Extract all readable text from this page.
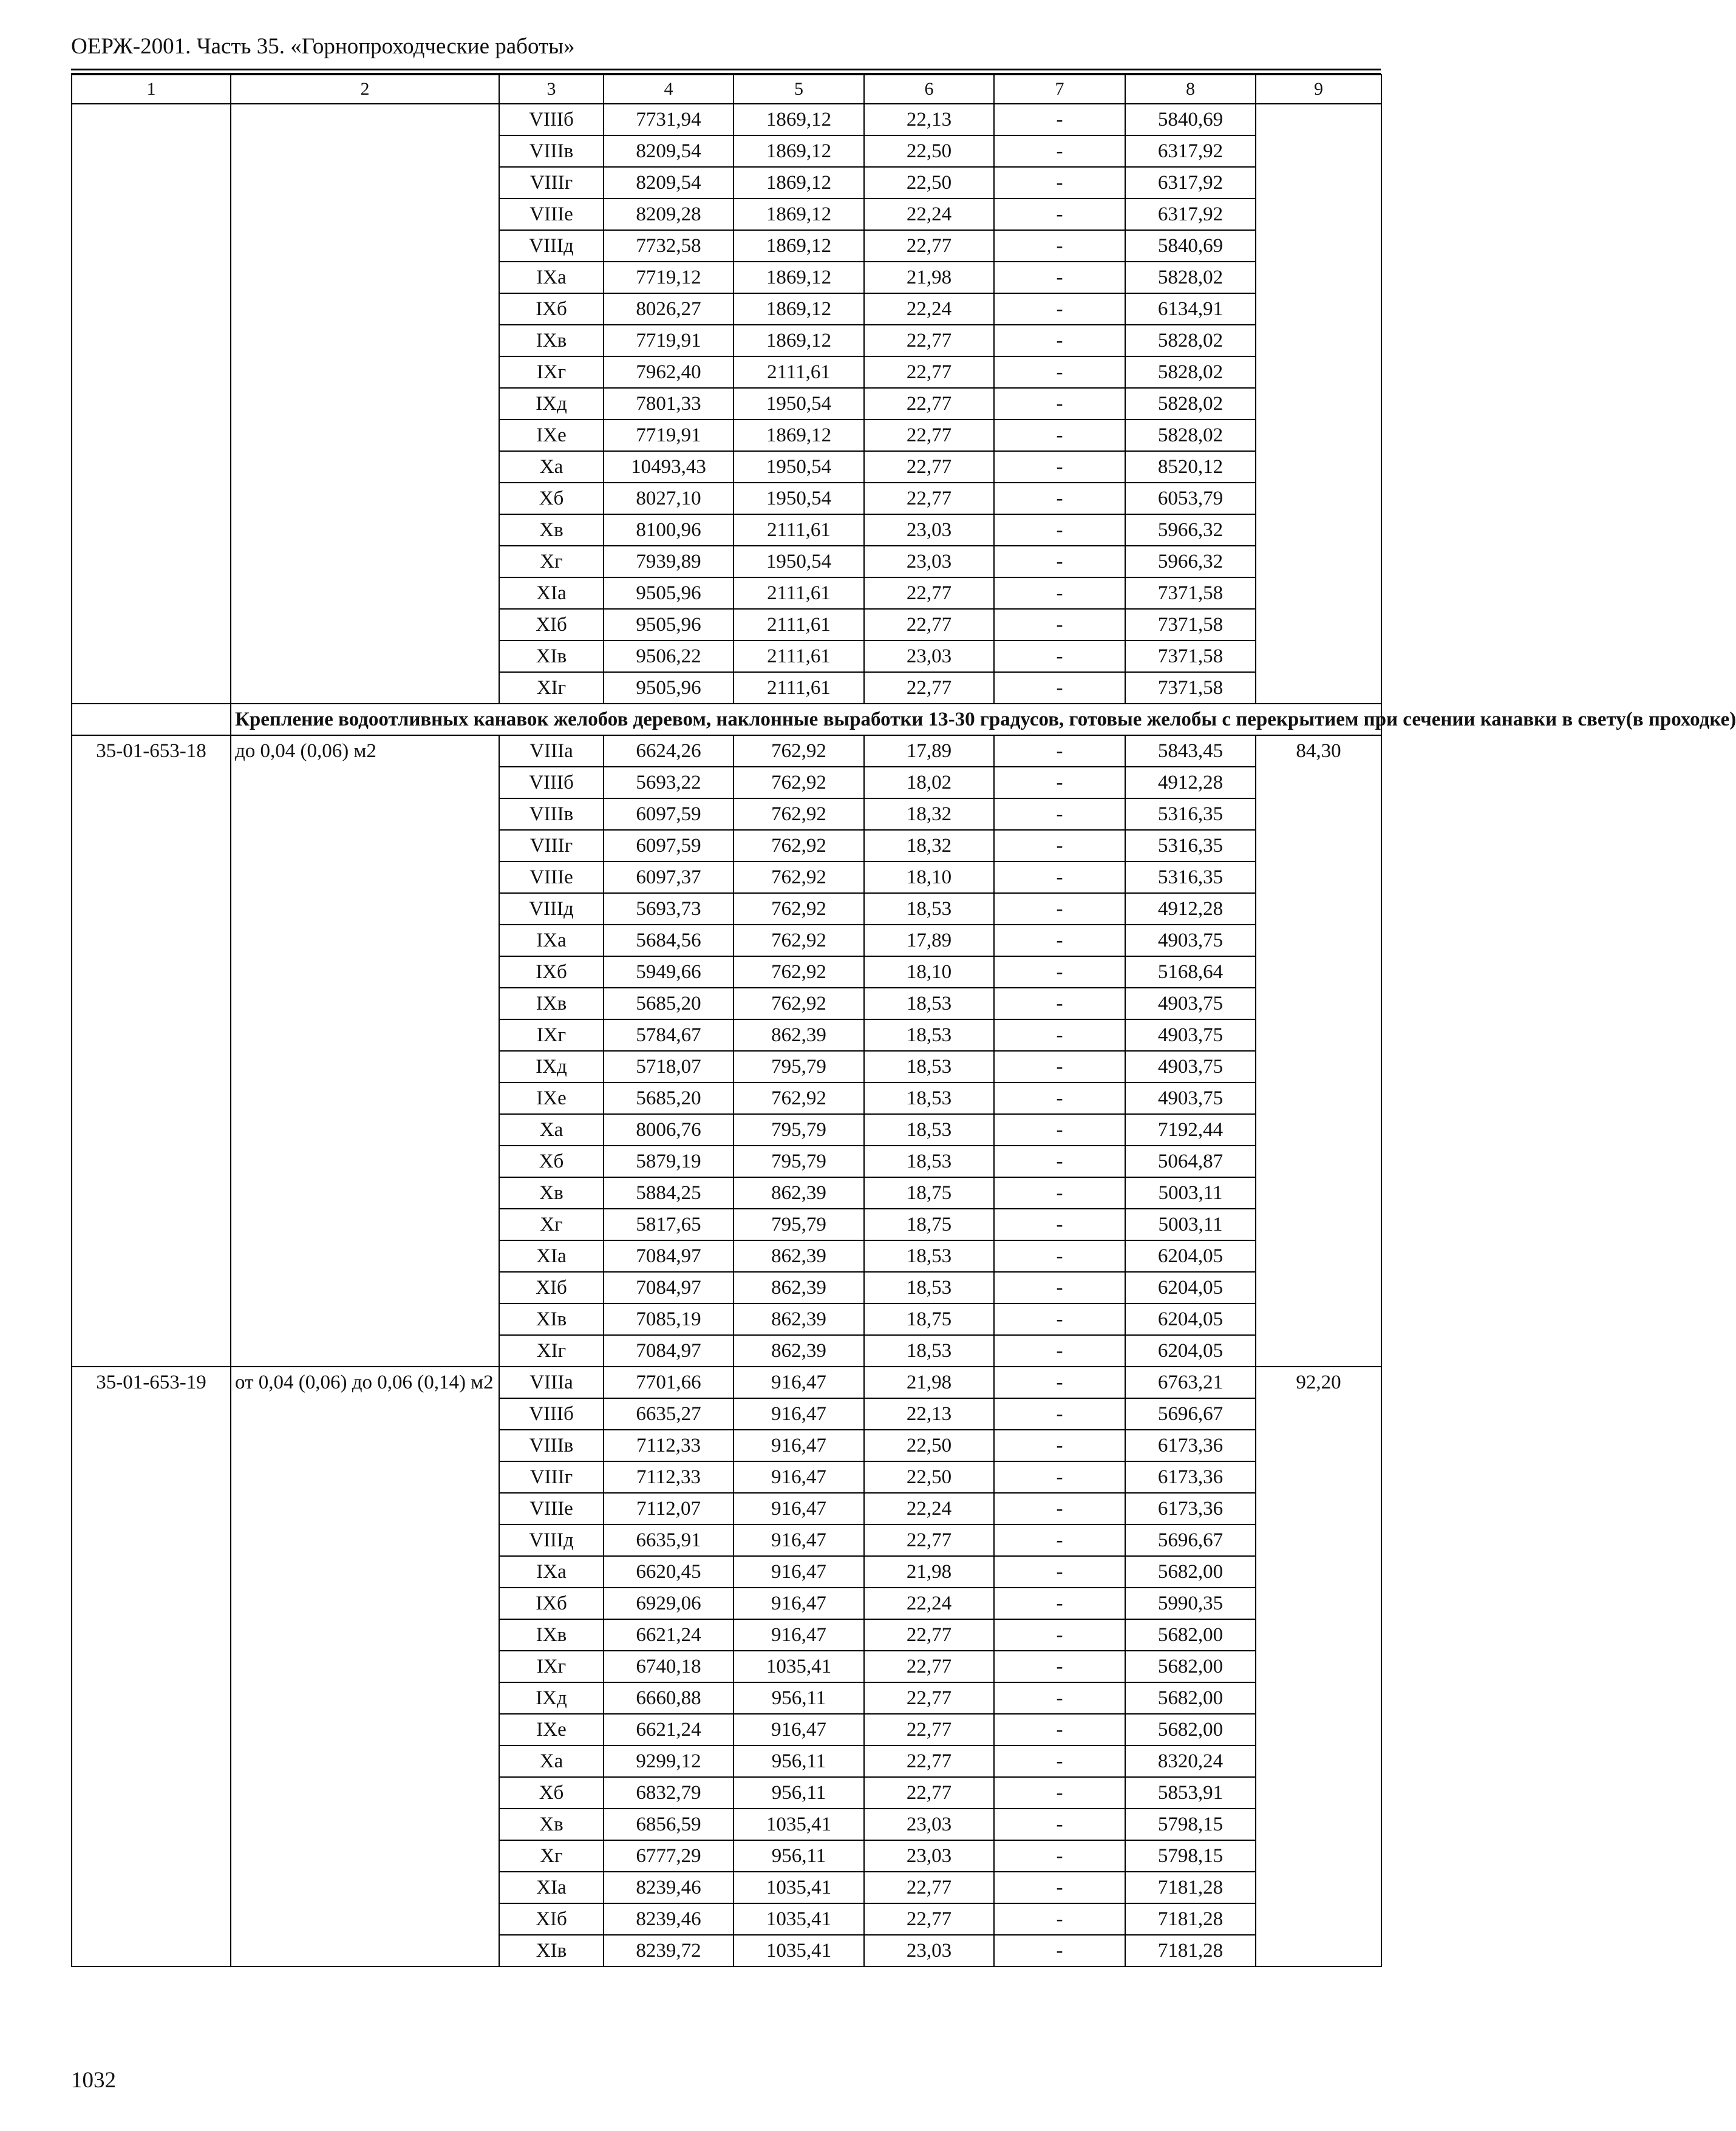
ОЕРЖ-2001. Часть 35. «Горнопроходческие работы»
1	2	3	4	5	6	7	8	9
		VIIIб	7731,94	1869,12	22,13	-	5840,69	
		VIIIв	8209,54	1869,12	22,50	-	6317,92	
		VIIIг	8209,54	1869,12	22,50	-	6317,92	
		VIIIе	8209,28	1869,12	22,24	-	6317,92	
		VIIIд	7732,58	1869,12	22,77	-	5840,69	
		IXа	7719,12	1869,12	21,98	-	5828,02	
		IXб	8026,27	1869,12	22,24	-	6134,91	
		IXв	7719,91	1869,12	22,77	-	5828,02	
		IXг	7962,40	2111,61	22,77	-	5828,02	
		IXд	7801,33	1950,54	22,77	-	5828,02	
		IXе	7719,91	1869,12	22,77	-	5828,02	
		Xа	10493,43	1950,54	22,77	-	8520,12	
		Xб	8027,10	1950,54	22,77	-	6053,79	
		Xв	8100,96	2111,61	23,03	-	5966,32	
		Xг	7939,89	1950,54	23,03	-	5966,32	
		XIа	9505,96	2111,61	22,77	-	7371,58	
		XIб	9505,96	2111,61	22,77	-	7371,58	
		XIв	9506,22	2111,61	23,03	-	7371,58	
		XIг	9505,96	2111,61	22,77	-	7371,58	
	Крепление водоотливных канавок желобов деревом, наклонные выработки 13-30 градусов, готовые желобы с перекрытием при сечении канавки в свету(в проходке)							
35-01-653-18	до 0,04 (0,06) м2	VIIIа	6624,26	762,92	17,89	-	5843,45	84,30
		VIIIб	5693,22	762,92	18,02	-	4912,28	
		VIIIв	6097,59	762,92	18,32	-	5316,35	
		VIIIг	6097,59	762,92	18,32	-	5316,35	
		VIIIе	6097,37	762,92	18,10	-	5316,35	
		VIIIд	5693,73	762,92	18,53	-	4912,28	
		IXа	5684,56	762,92	17,89	-	4903,75	
		IXб	5949,66	762,92	18,10	-	5168,64	
		IXв	5685,20	762,92	18,53	-	4903,75	
		IXг	5784,67	862,39	18,53	-	4903,75	
		IXд	5718,07	795,79	18,53	-	4903,75	
		IXе	5685,20	762,92	18,53	-	4903,75	
		Xа	8006,76	795,79	18,53	-	7192,44	
		Xб	5879,19	795,79	18,53	-	5064,87	
		Xв	5884,25	862,39	18,75	-	5003,11	
		Xг	5817,65	795,79	18,75	-	5003,11	
		XIа	7084,97	862,39	18,53	-	6204,05	
		XIб	7084,97	862,39	18,53	-	6204,05	
		XIв	7085,19	862,39	18,75	-	6204,05	
		XIг	7084,97	862,39	18,53	-	6204,05	
35-01-653-19	от 0,04 (0,06) до 0,06 (0,14) м2	VIIIа	7701,66	916,47	21,98	-	6763,21	92,20
		VIIIб	6635,27	916,47	22,13	-	5696,67	
		VIIIв	7112,33	916,47	22,50	-	6173,36	
		VIIIг	7112,33	916,47	22,50	-	6173,36	
		VIIIе	7112,07	916,47	22,24	-	6173,36	
		VIIIд	6635,91	916,47	22,77	-	5696,67	
		IXа	6620,45	916,47	21,98	-	5682,00	
		IXб	6929,06	916,47	22,24	-	5990,35	
		IXв	6621,24	916,47	22,77	-	5682,00	
		IXг	6740,18	1035,41	22,77	-	5682,00	
		IXд	6660,88	956,11	22,77	-	5682,00	
		IXе	6621,24	916,47	22,77	-	5682,00	
		Xа	9299,12	956,11	22,77	-	8320,24	
		Xб	6832,79	956,11	22,77	-	5853,91	
		Xв	6856,59	1035,41	23,03	-	5798,15	
		Xг	6777,29	956,11	23,03	-	5798,15	
		XIа	8239,46	1035,41	22,77	-	7181,28	
		XIб	8239,46	1035,41	22,77	-	7181,28	
		XIв	8239,72	1035,41	23,03	-	7181,28	
1032
